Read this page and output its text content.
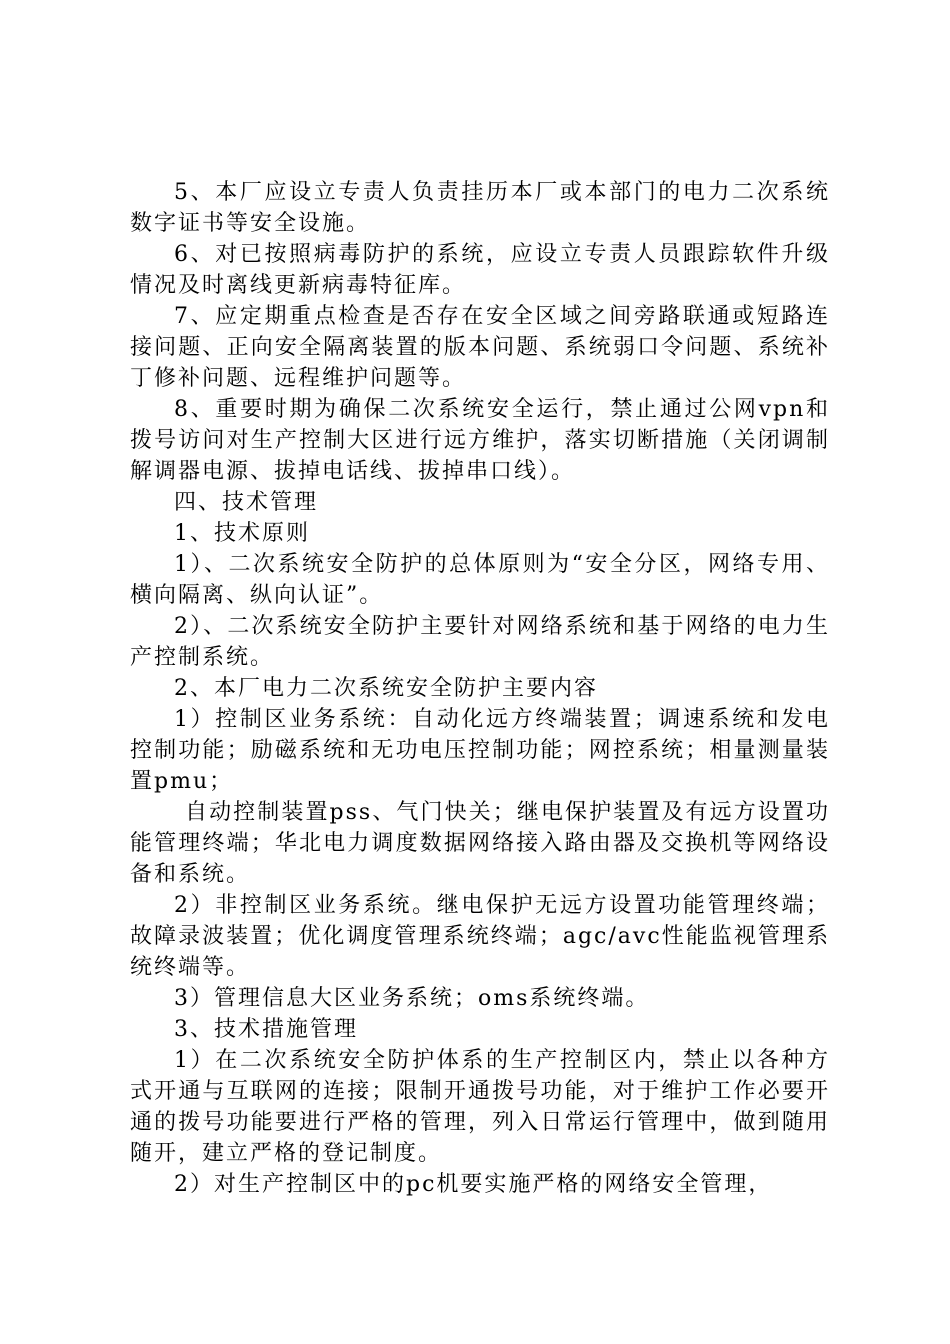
5、本厂应设立专责人负责挂历本厂或本部门的电力二次系统数字证书等安全设施。

6、对已按照病毒防护的系统，应设立专责人员跟踪软件升级情况及时离线更新病毒特征库。

7、应定期重点检查是否存在安全区域之间旁路联通或短路连接问题、正向安全隔离装置的版本问题、系统弱口令问题、系统补丁修补问题、远程维护问题等。

8、重要时期为确保二次系统安全运行，禁止通过公网vpn和拨号访问对生产控制大区进行远方维护，落实切断措施（关闭调制解调器电源、拔掉电话线、拔掉串口线）。

四、技术管理

1、技术原则

1）、二次系统安全防护的总体原则为“安全分区，网络专用、横向隔离、纵向认证”。

2）、二次系统安全防护主要针对网络系统和基于网络的电力生产控制系统。

2、本厂电力二次系统安全防护主要内容

1）控制区业务系统：自动化远方终端装置；调速系统和发电控制功能；励磁系统和无功电压控制功能；网控系统；相量测量装置pmu；

自动控制装置pss、气门快关；继电保护装置及有远方设置功能管理终端；华北电力调度数据网络接入路由器及交换机等网络设备和系统。

2）非控制区业务系统。继电保护无远方设置功能管理终端；故障录波装置；优化调度管理系统终端；agc/avc性能监视管理系统终端等。

3）管理信息大区业务系统；oms系统终端。

3、技术措施管理

1）在二次系统安全防护体系的生产控制区内，禁止以各种方式开通与互联网的连接；限制开通拨号功能，对于维护工作必要开通的拨号功能要进行严格的管理，列入日常运行管理中，做到随用随开，建立严格的登记制度。

2）对生产控制区中的pc机要实施严格的网络安全管理，
